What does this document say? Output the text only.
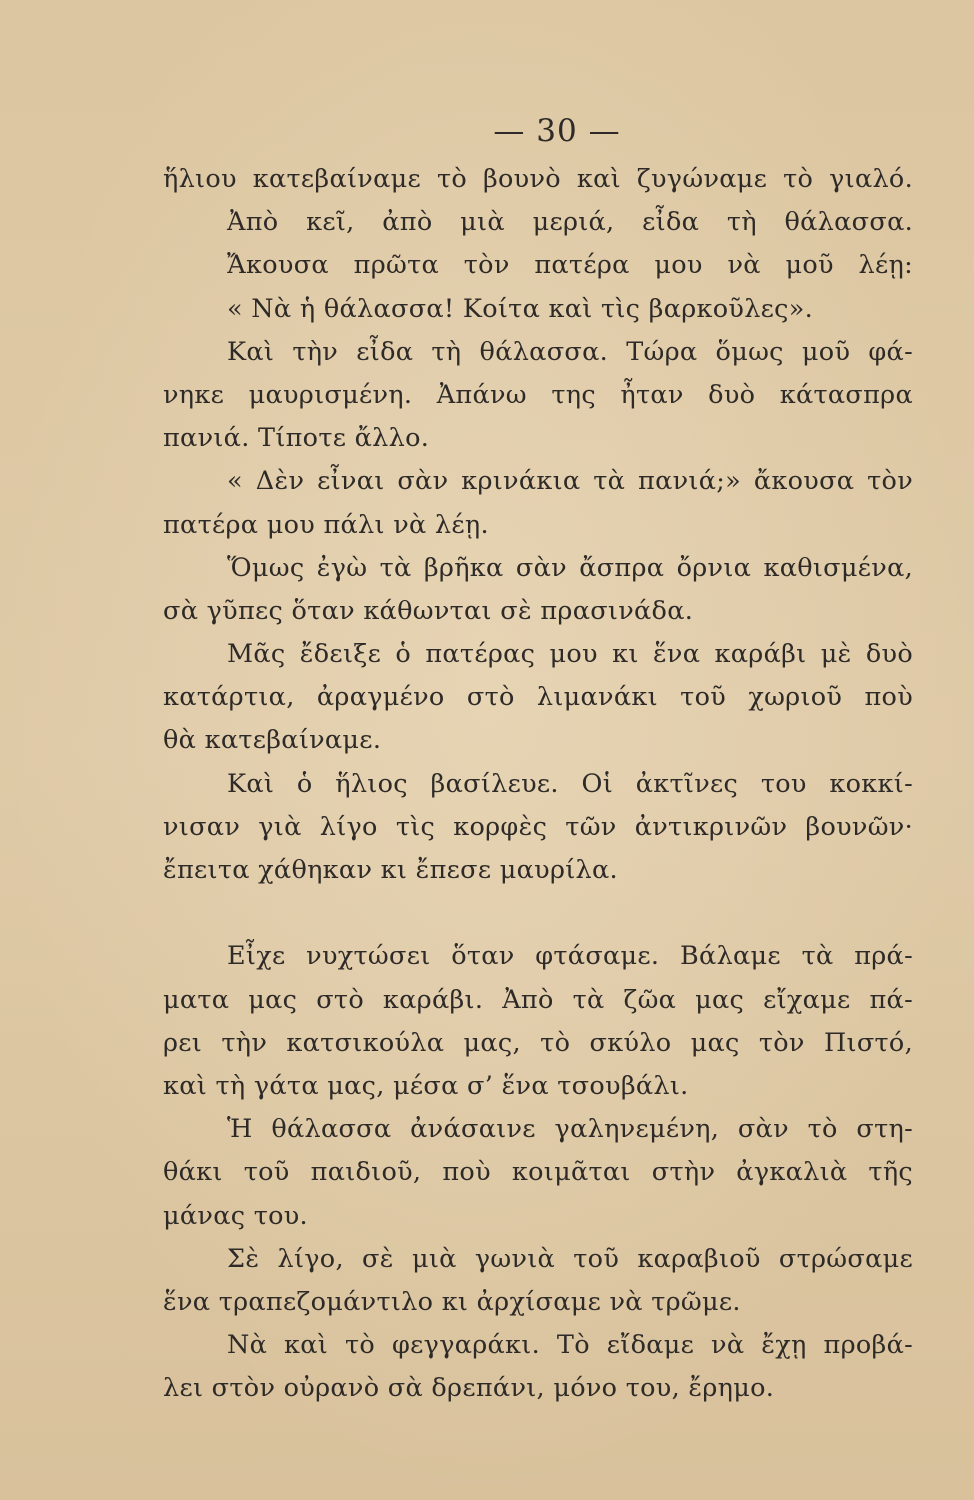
— 30 —
ἥλιου κατεβαίναμε τὸ βουνὸ καὶ ζυγώναμε τὸ γιαλό.
Ἀπὸ κεῖ, ἀπὸ μιὰ μεριά, εἶδα τὴ θάλασσα.
Ἄκουσα πρῶτα τὸν πατέρα μου νὰ μοῦ λέῃ:
« Νὰ ἡ θάλασσα! Κοίτα καὶ τὶς βαρκοῦλες».
Καὶ τὴν εἶδα τὴ θάλασσα. Τώρα ὅμως μοῦ φά-
νηκε μαυρισμένη. Ἀπάνω της ἦταν δυὸ κάτασπρα
πανιά. Τίποτε ἄλλο.
« Δὲν εἶναι σὰν κρινάκια τὰ πανιά;» ἄκουσα τὸν
πατέρα μου πάλι νὰ λέῃ.
Ὅμως ἐγὼ τὰ βρῆκα σὰν ἄσπρα ὄρνια καθισμένα,
σὰ γῦπες ὅταν κάθωνται σὲ πρασινάδα.
Μᾶς ἔδειξε ὁ πατέρας μου κι ἕνα καράβι μὲ δυὸ
κατάρτια, ἀραγμένο στὸ λιμανάκι τοῦ χωριοῦ ποὺ
θὰ κατεβαίναμε.
Καὶ ὁ ἥλιος βασίλευε. Οἱ ἀκτῖνες του κοκκί-
νισαν γιὰ λίγο τὶς κορφὲς τῶν ἀντικρινῶν βουνῶν·
ἔπειτα χάθηκαν κι ἔπεσε μαυρίλα.
Εἶχε νυχτώσει ὅταν φτάσαμε. Βάλαμε τὰ πρά-
ματα μας στὸ καράβι. Ἀπὸ τὰ ζῶα μας εἴχαμε πά-
ρει τὴν κατσικούλα μας, τὸ σκύλο μας τὸν Πιστό,
καὶ τὴ γάτα μας, μέσα σ’ ἕνα τσουβάλι.
Ἡ θάλασσα ἀνάσαινε γαληνεμένη, σὰν τὸ στη-
θάκι τοῦ παιδιοῦ, ποὺ κοιμᾶται στὴν ἀγκαλιὰ τῆς
μάνας του.
Σὲ λίγο, σὲ μιὰ γωνιὰ τοῦ καραβιοῦ στρώσαμε
ἕνα τραπεζομάντιλο κι ἀρχίσαμε νὰ τρῶμε.
Νὰ καὶ τὸ φεγγαράκι. Τὸ εἴδαμε νὰ ἔχῃ προβά-
λει στὸν οὐρανὸ σὰ δρεπάνι, μόνο του, ἔρημο.
